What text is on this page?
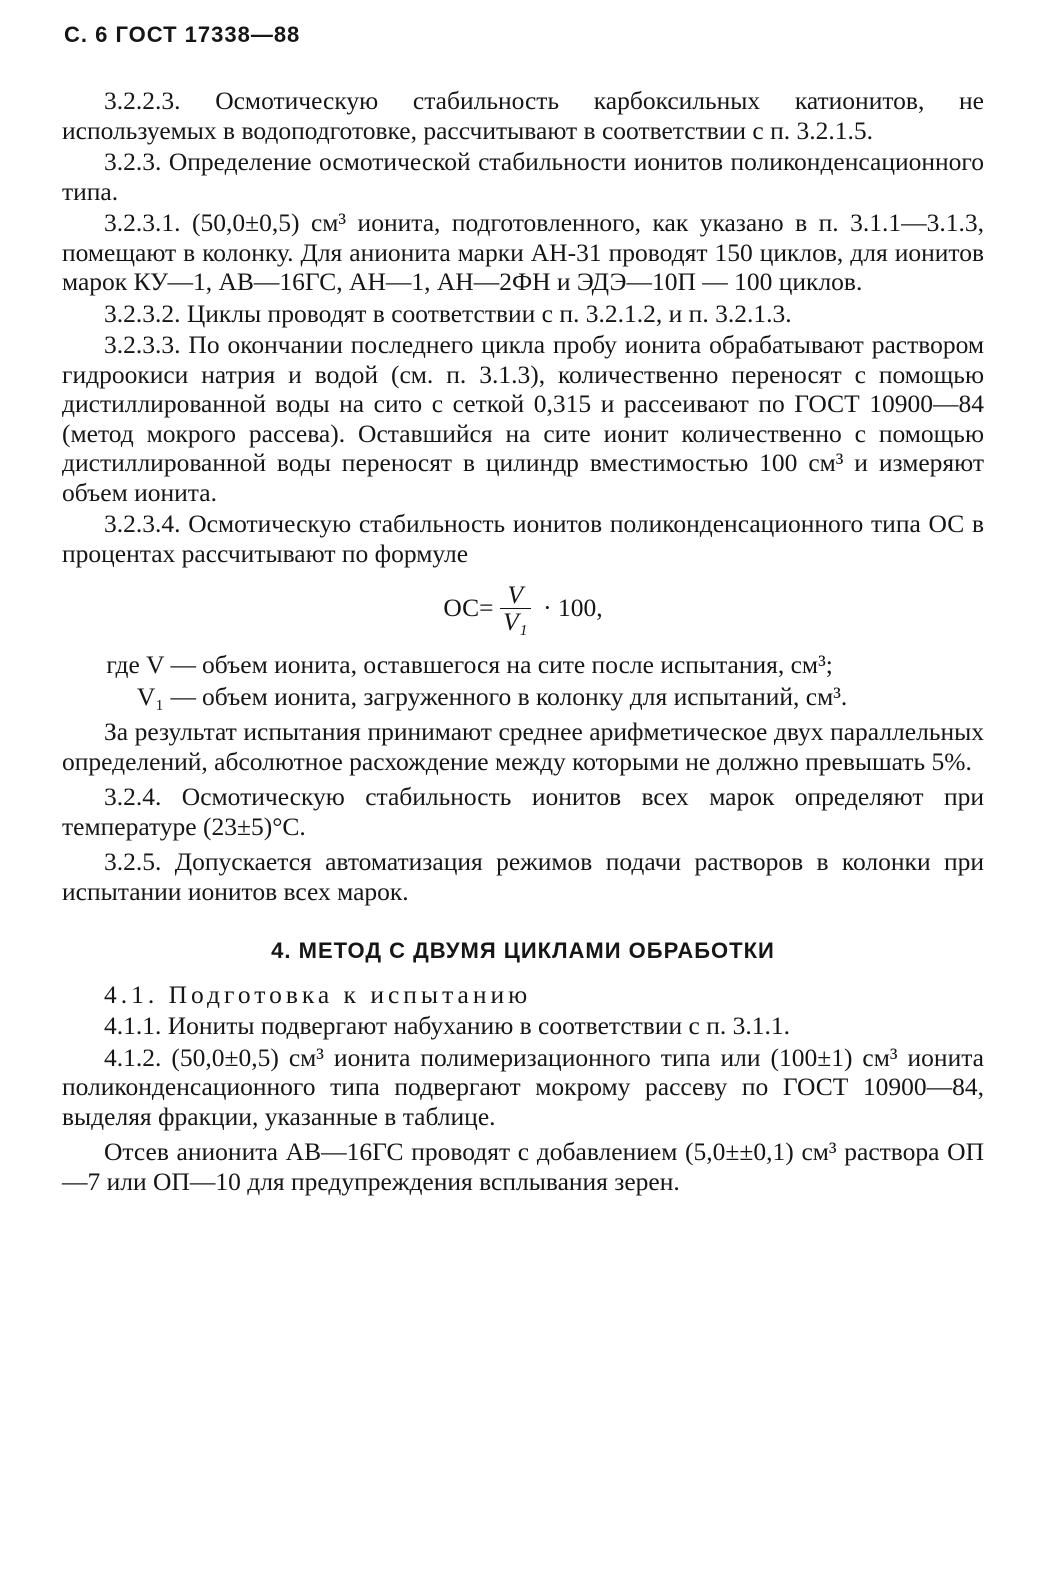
С. 6 ГОСТ 17338—88

3.2.2.3. Осмотическую стабильность карбоксильных катионитов, не используемых в водоподготовке, рассчитывают в соответствии с п. 3.2.1.5.

3.2.3. Определение осмотической стабильности ионитов поликонденсационного типа.

3.2.3.1. (50,0±0,5) см³ ионита, подготовленного, как указано в п. 3.1.1—3.1.3, помещают в колонку. Для анионита марки АН-31 проводят 150 циклов, для ионитов марок КУ—1, АВ—16ГС, АН—1, АН—2ФН и ЭДЭ—10П — 100 циклов.

3.2.3.2. Циклы проводят в соответствии с п. 3.2.1.2, и п. 3.2.1.3.

3.2.3.3. По окончании последнего цикла пробу ионита обрабатывают раствором гидроокиси натрия и водой (см. п. 3.1.3), количественно переносят с помощью дистиллированной воды на сито с сеткой 0,315 и рассеивают по ГОСТ 10900—84 (метод мокрого рассева). Оставшийся на сите ионит количественно с помощью дистиллированной воды переносят в цилиндр вместимостью 100 см³ и измеряют объем ионита.

3.2.3.4. Осмотическую стабильность ионитов поликонденсационного типа ОС в процентах рассчитывают по формуле

$ОС= \frac{V}{\text{V₁}} \cdot 100$,
где V — объем ионита, оставшегося на сите после испытания, см³;
V₁ — объем ионита, загруженного в колонку для испытаний, см³.

За результат испытания принимают среднее арифметическое двух параллельных определений, абсолютное расхождение между которыми не должно превышать 5%.

3.2.4. Осмотическую стабильность ионитов всех марок определяют при температуре (23±5)°С.

3.2.5. Допускается автоматизация режимов подачи растворов в колонки при испытании ионитов всех марок.

4. МЕТОД С ДВУМЯ ЦИКЛАМИ ОБРАБОТКИ

4.1. Подготовка к испытанию

4.1.1. Иониты подвергают набуханию в соответствии с п. 3.1.1.

4.1.2. (50,0±0,5) см³ ионита полимеризационного типа или (100±1) см³ ионита поликонденсационного типа подвергают мокрому рассеву по ГОСТ 10900—84, выделяя фракции, указанные в таблице.

Отсев анионита АВ—16ГС проводят с добавлением (5,0±±0,1) см³ раствора ОП—7 или ОП—10 для предупреждения всплывания зерен.
